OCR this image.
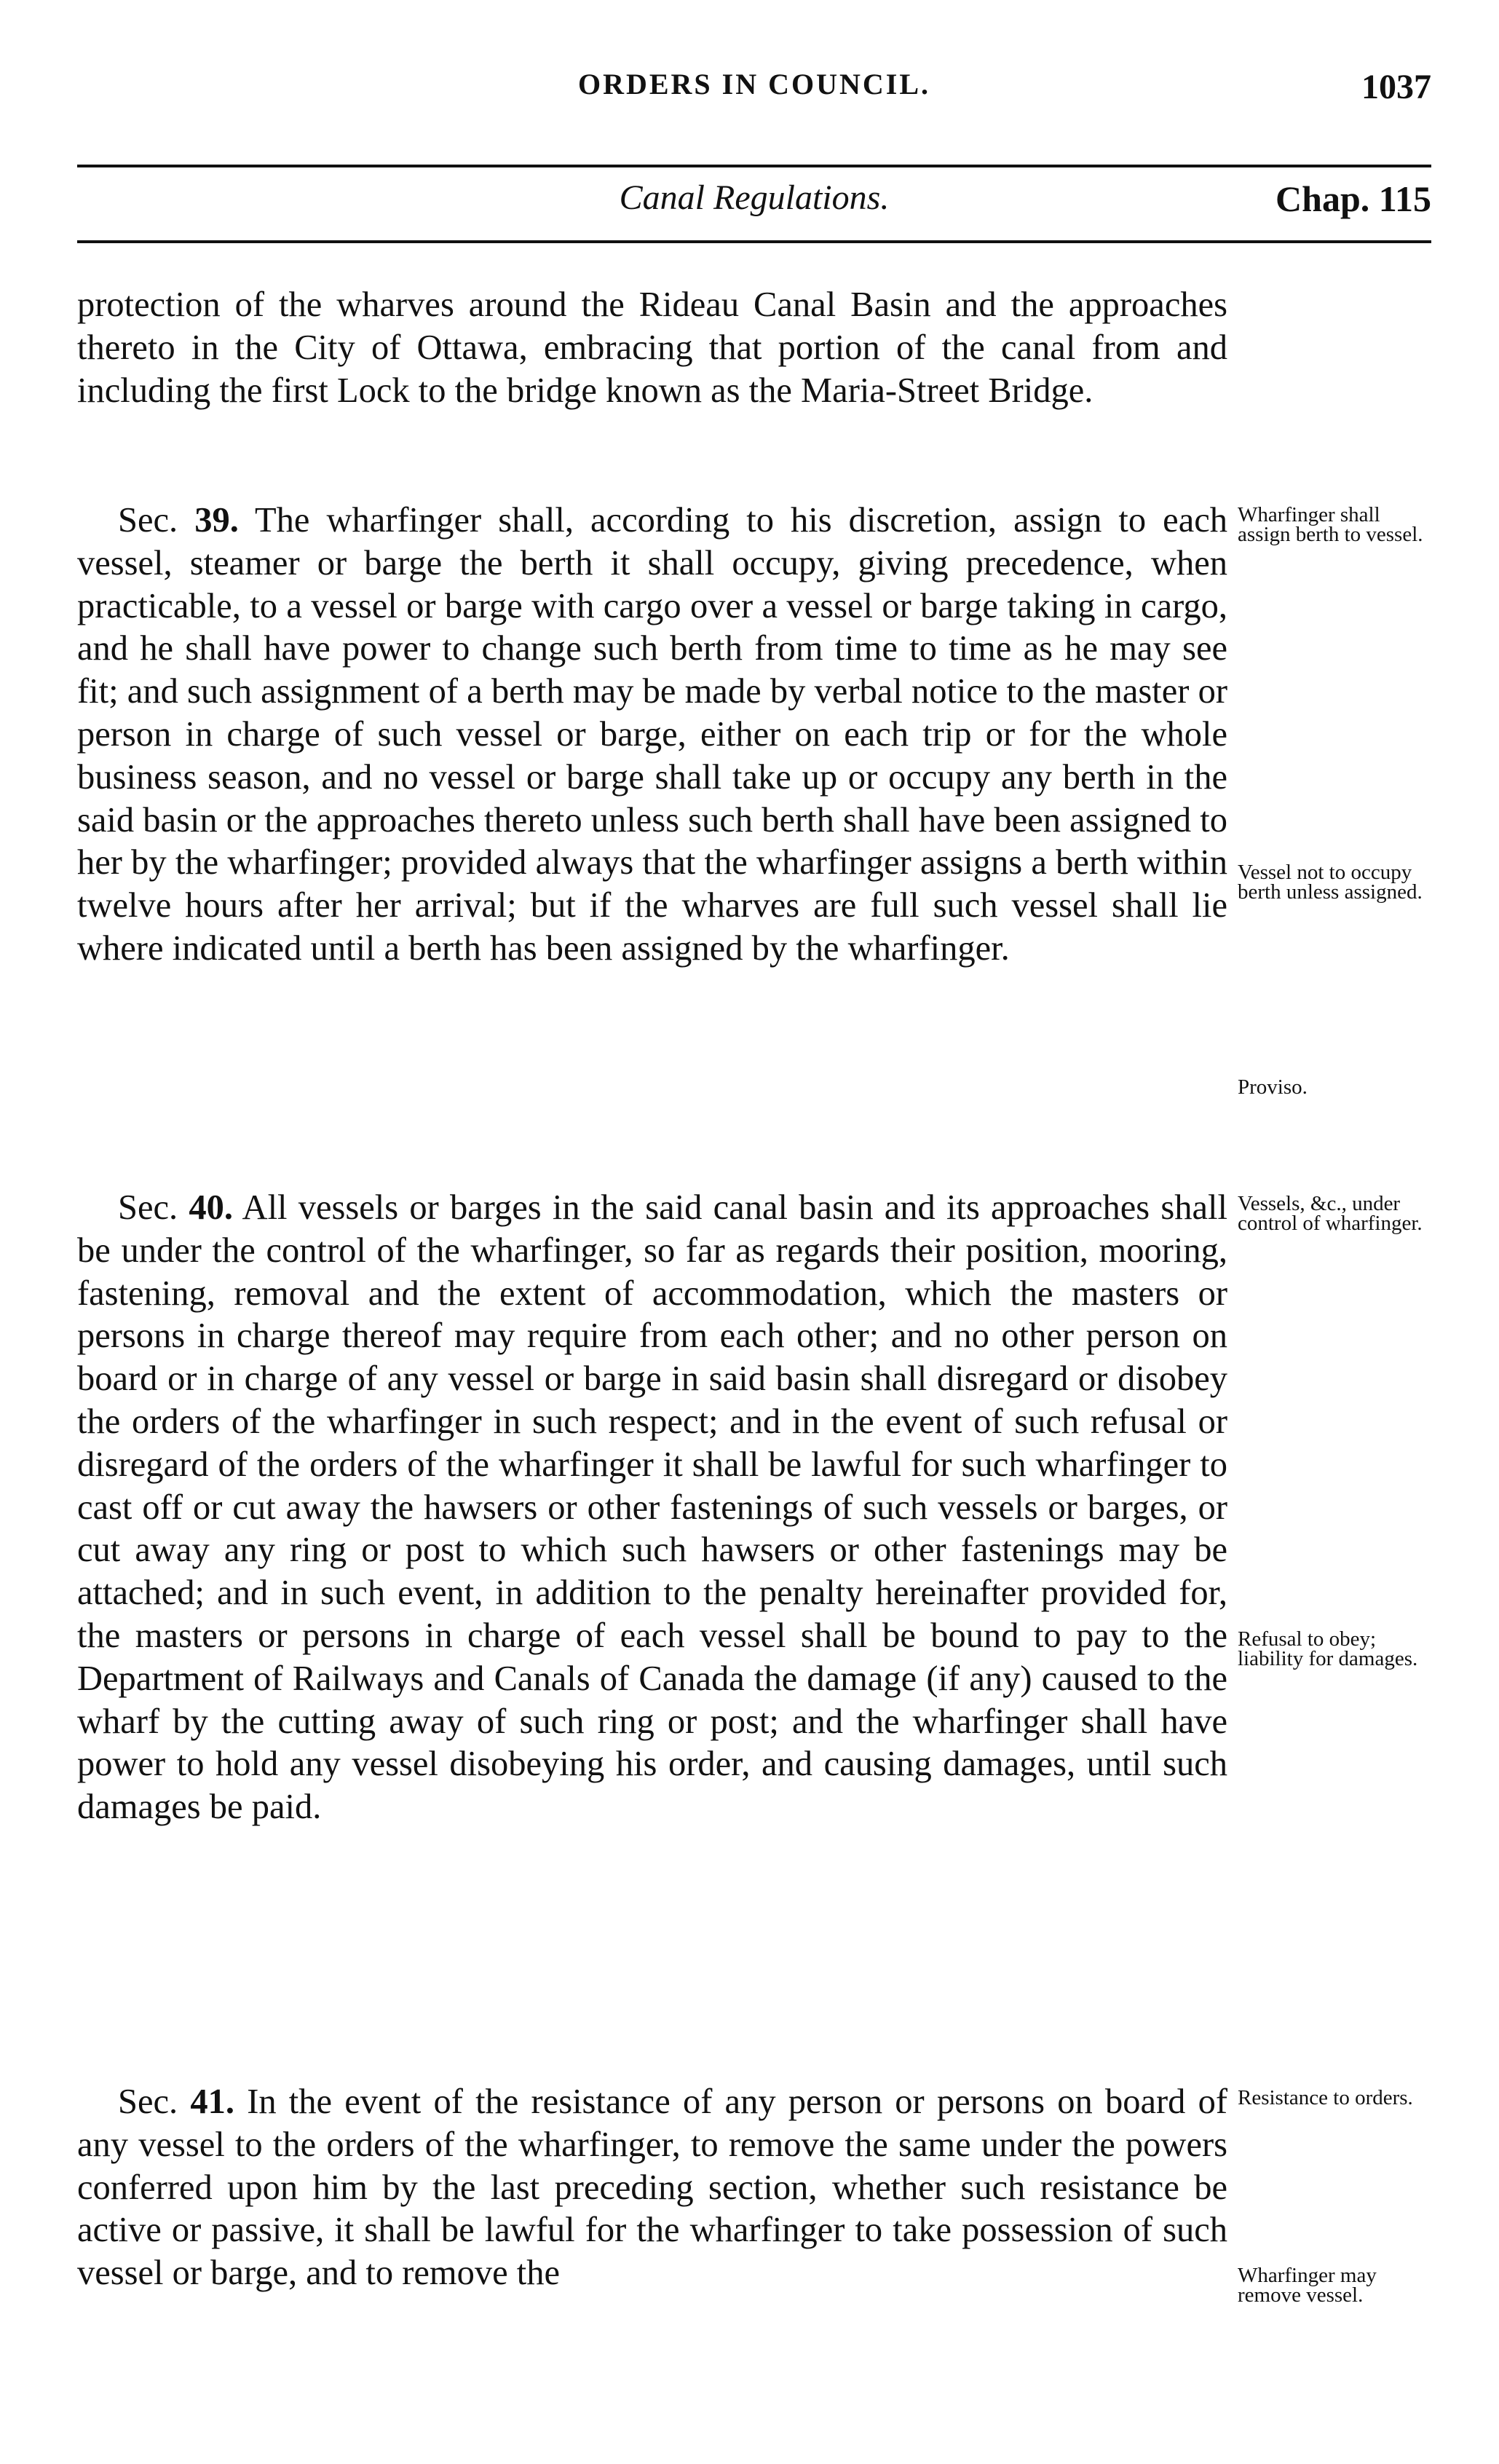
ORDERS IN COUNCIL.	1037
Canal Regulations.	Chap. 115

protection of the wharves around the Rideau Canal Basin and the approaches thereto in the City of Ottawa, embracing that portion of the canal from and including the first Lock to the bridge known as the Maria-Street Bridge.

Sec. 39. The wharfinger shall, according to his discretion, assign to each vessel, steamer or barge the berth it shall occupy, giving precedence, when practicable, to a vessel or barge with cargo over a vessel or barge taking in cargo, and he shall have power to change such berth from time to time as he may see fit; and such assignment of a berth may be made by verbal notice to the master or person in charge of such vessel or barge, either on each trip or for the whole business season, and no vessel or barge shall take up or occupy any berth in the said basin or the approaches thereto unless such berth shall have been assigned to her by the wharfinger; provided always that the wharfinger assigns a berth within twelve hours after her arrival; but if the wharves are full such vessel shall lie where indicated until a berth has been assigned by the wharfinger.

Sec. 40. All vessels or barges in the said canal basin and its approaches shall be under the control of the wharfinger, so far as regards their position, mooring, fastening, removal and the extent of accommodation, which the masters or persons in charge thereof may require from each other; and no other person on board or in charge of any vessel or barge in said basin shall disregard or disobey the orders of the wharfinger in such respect; and in the event of such refusal or disregard of the orders of the wharfinger it shall be lawful for such wharfinger to cast off or cut away the hawsers or other fastenings of such vessels or barges, or cut away any ring or post to which such hawsers or other fastenings may be attached; and in such event, in addition to the penalty hereinafter provided for, the masters or persons in charge of each vessel shall be bound to pay to the Department of Railways and Canals of Canada the damage (if any) caused to the wharf by the cutting away of such ring or post; and the wharfinger shall have power to hold any vessel disobeying his order, and causing damages, until such damages be paid.

Sec. 41. In the event of the resistance of any person or persons on board of any vessel to the orders of the wharfinger, to remove the same under the powers conferred upon him by the last preceding section, whether such resistance be active or passive, it shall be lawful for the wharfinger to take possession of such vessel or barge, and to remove the

Wharfinger shall assign berth to vessel.

Vessel not to occupy berth unless assigned.

Proviso.

Vessels, &c., under control of wharfinger.

Refusal to obey; liability for damages.

Resistance to orders.

Wharfinger may remove vessel.
